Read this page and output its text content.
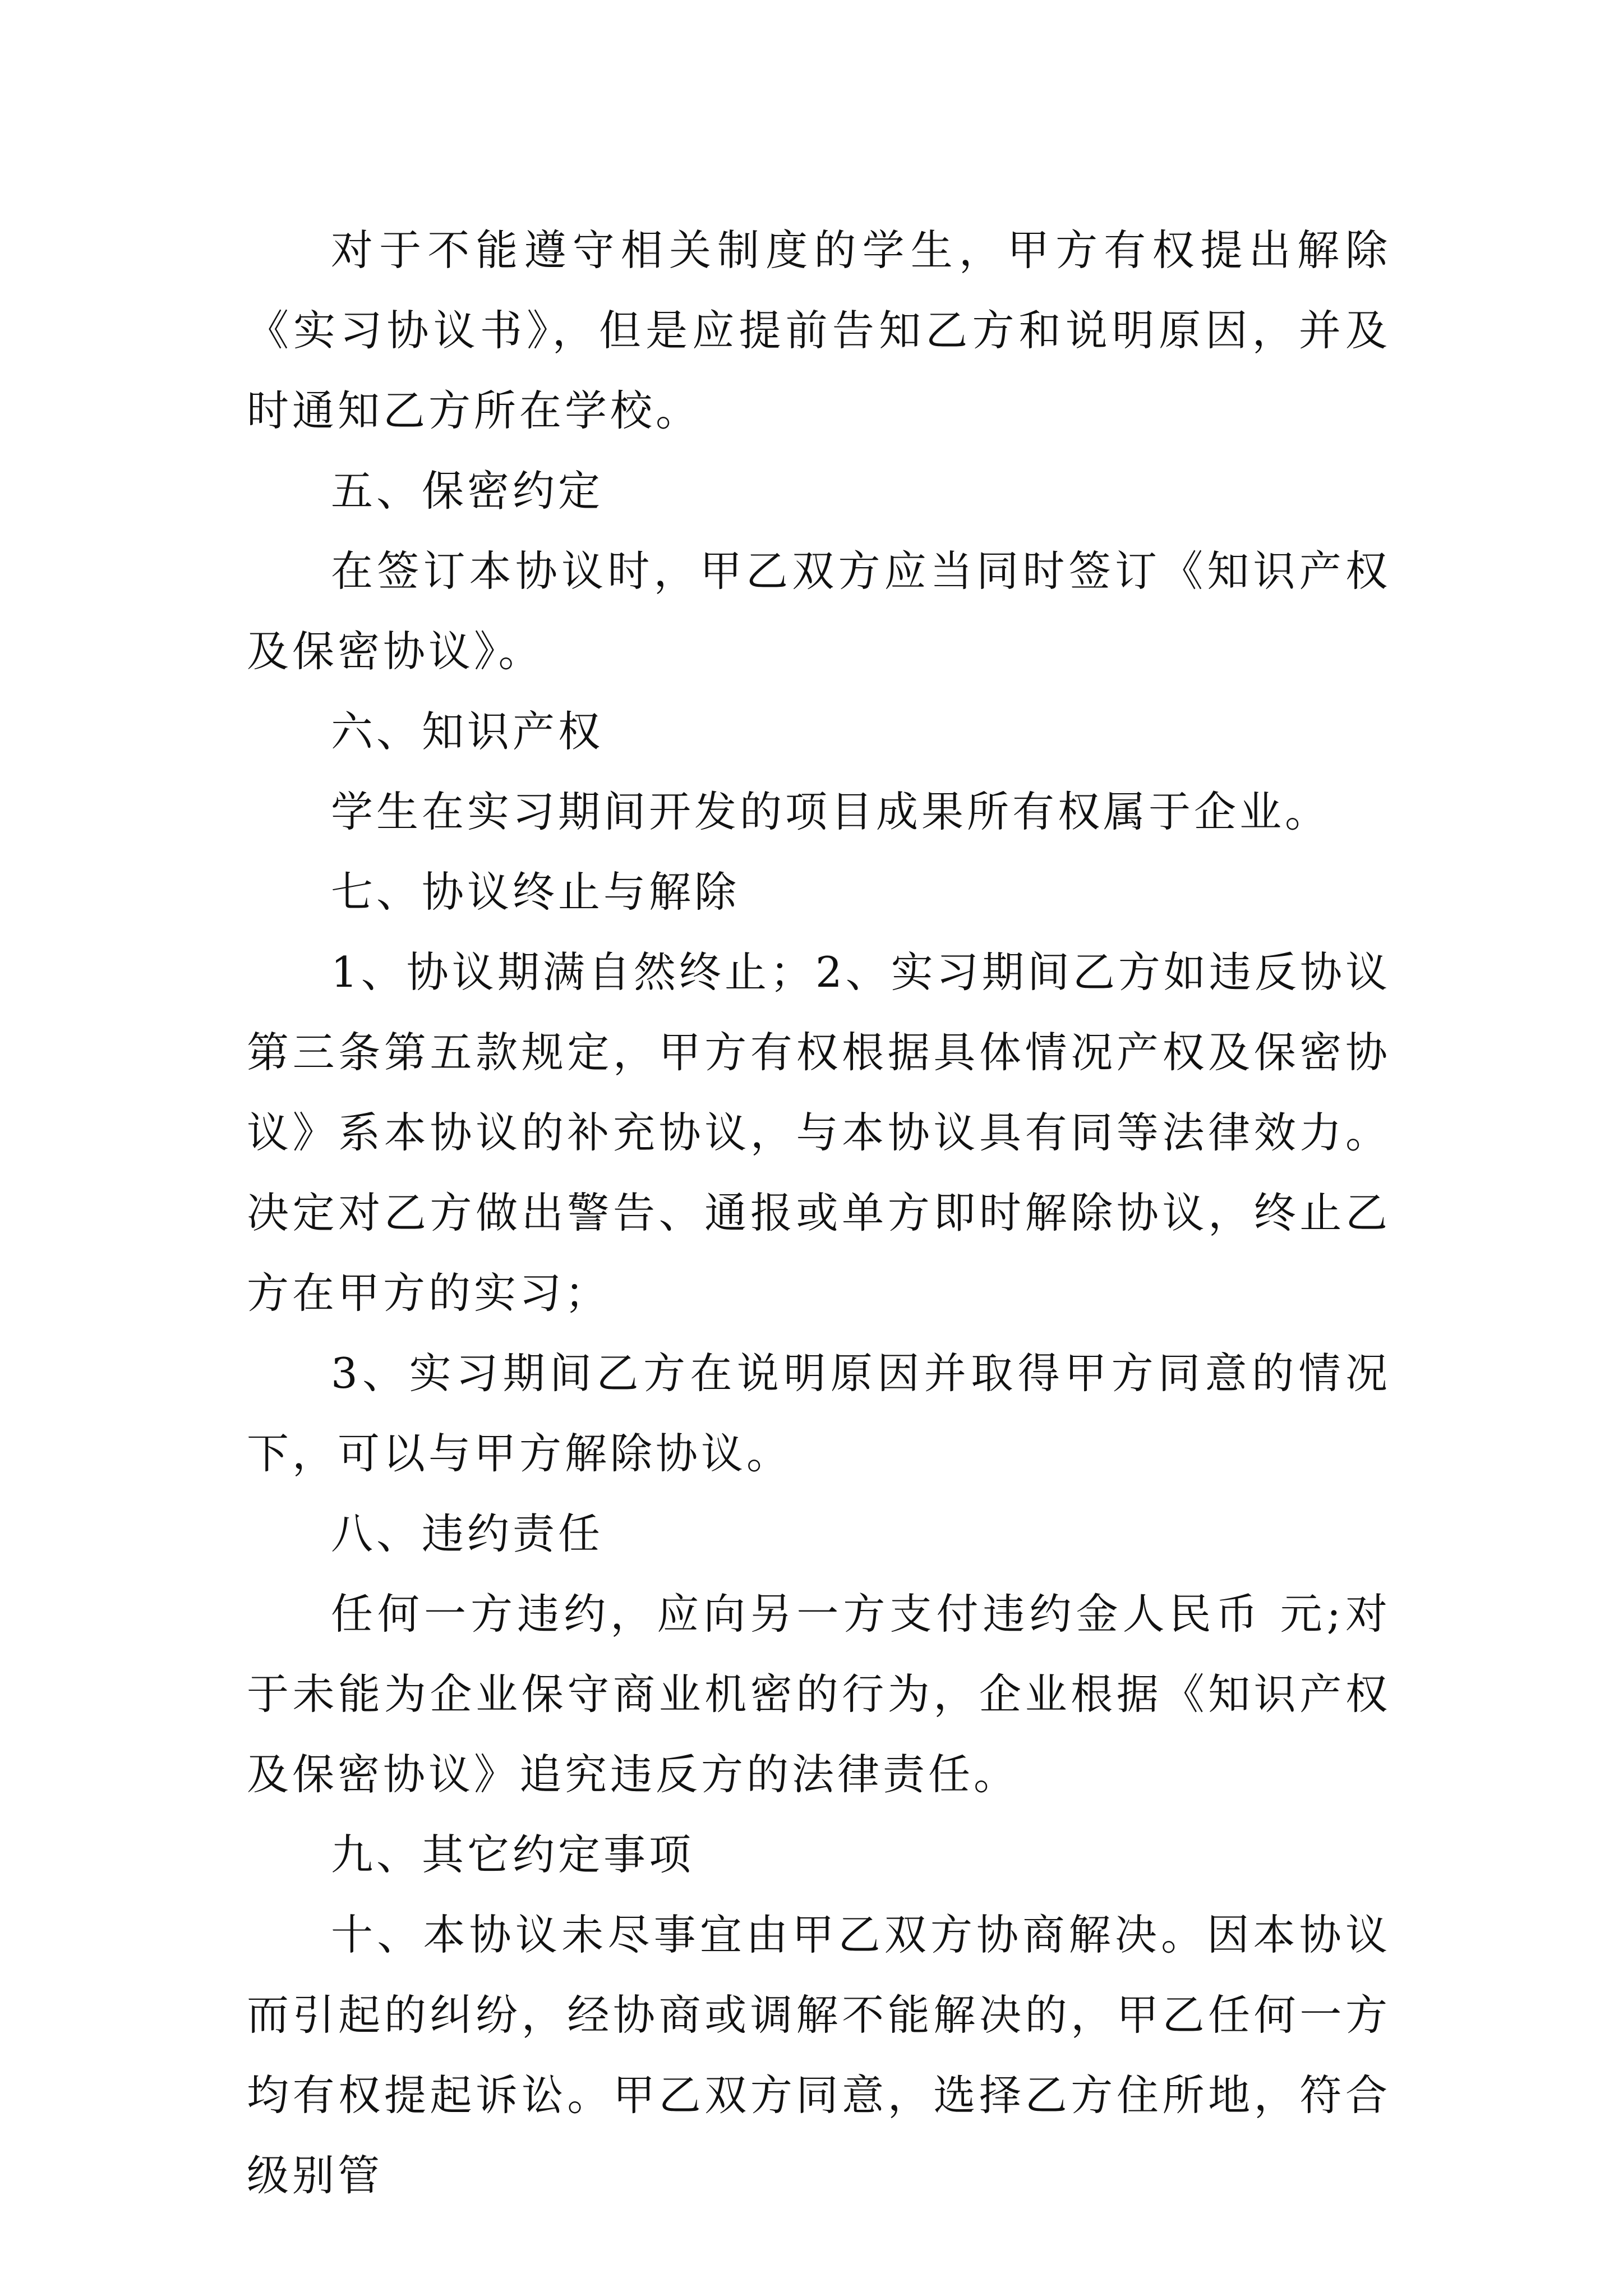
对于不能遵守相关制度的学生，甲方有权提出解除《实习协议书》，但是应提前告知乙方和说明原因，并及时通知乙方所在学校。

五、保密约定

在签订本协议时，甲乙双方应当同时签订《知识产权及保密协议》。

六、知识产权

学生在实习期间开发的项目成果所有权属于企业。

七、协议终止与解除

1、协议期满自然终止；2、实习期间乙方如违反协议第三条第五款规定，甲方有权根据具体情况产权及保密协议》系本协议的补充协议，与本协议具有同等法律效力。决定对乙方做出警告、通报或单方即时解除协议，终止乙方在甲方的实习；

3、实习期间乙方在说明原因并取得甲方同意的情况下，可以与甲方解除协议。

八、违约责任

任何一方违约，应向另一方支付违约金人民币 元;对于未能为企业保守商业机密的行为，企业根据《知识产权及保密协议》追究违反方的法律责任。

九、其它约定事项

十、本协议未尽事宜由甲乙双方协商解决。因本协议而引起的纠纷，经协商或调解不能解决的，甲乙任何一方均有权提起诉讼。甲乙双方同意，选择乙方住所地，符合级别管
